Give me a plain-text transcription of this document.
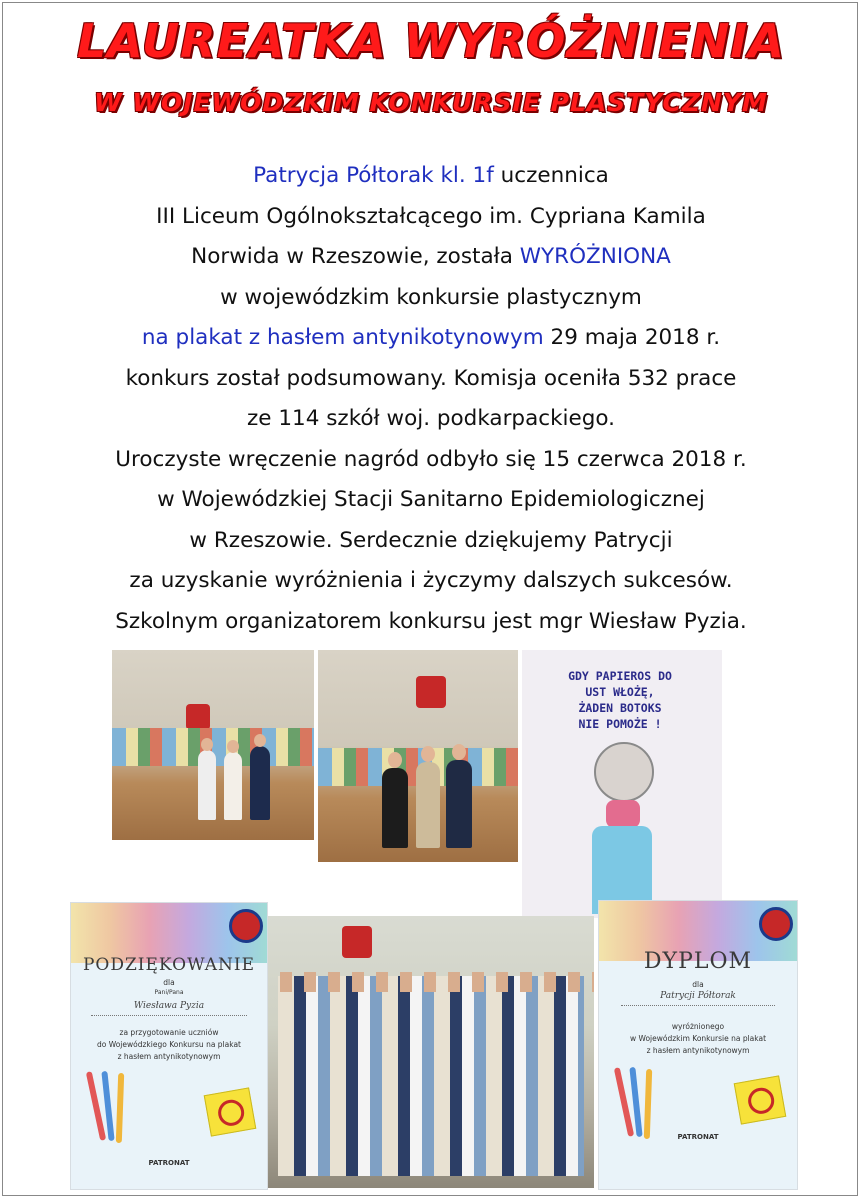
LAUREATKA WYRÓŻNIENIA
W WOJEWÓDZKIM KONKURSIE PLASTYCZNYM
Patrycja Półtorak kl. 1f uczennica
III Liceum Ogólnokształcącego im. Cypriana Kamila
Norwida w Rzeszowie, została WYRÓŻNIONA
w wojewódzkim konkursie plastycznym
na plakat z hasłem antynikotynowym 29 maja 2018 r.
konkurs został podsumowany. Komisja oceniła 532 prace
ze 114 szkół woj. podkarpackiego.
Uroczyste wręczenie nagród odbyło się 15 czerwca 2018 r.
w Wojewódzkiej Stacji Sanitarno Epidemiologicznej
w Rzeszowie. Serdecznie dziękujemy Patrycji
za uzyskanie wyróżnienia i życzymy dalszych sukcesów.
Szkolnym organizatorem konkursu jest mgr Wiesław Pyzia.
GDY PAPIEROS DO
UST WŁOŻĘ,
ŻADEN BOTOKS
NIE POMOŻE !
PODZIĘKOWANIE
dla
Pani/Pana
Wiesława Pyzia
za przygotowanie uczniów
do Wojewódzkiego Konkursu na plakat
z hasłem antynikotynowym
PATRONAT
DYPLOM
dla
Patrycji Półtorak
wyróżnionego
w Wojewódzkim Konkursie na plakat
z hasłem antynikotynowym
PATRONAT
